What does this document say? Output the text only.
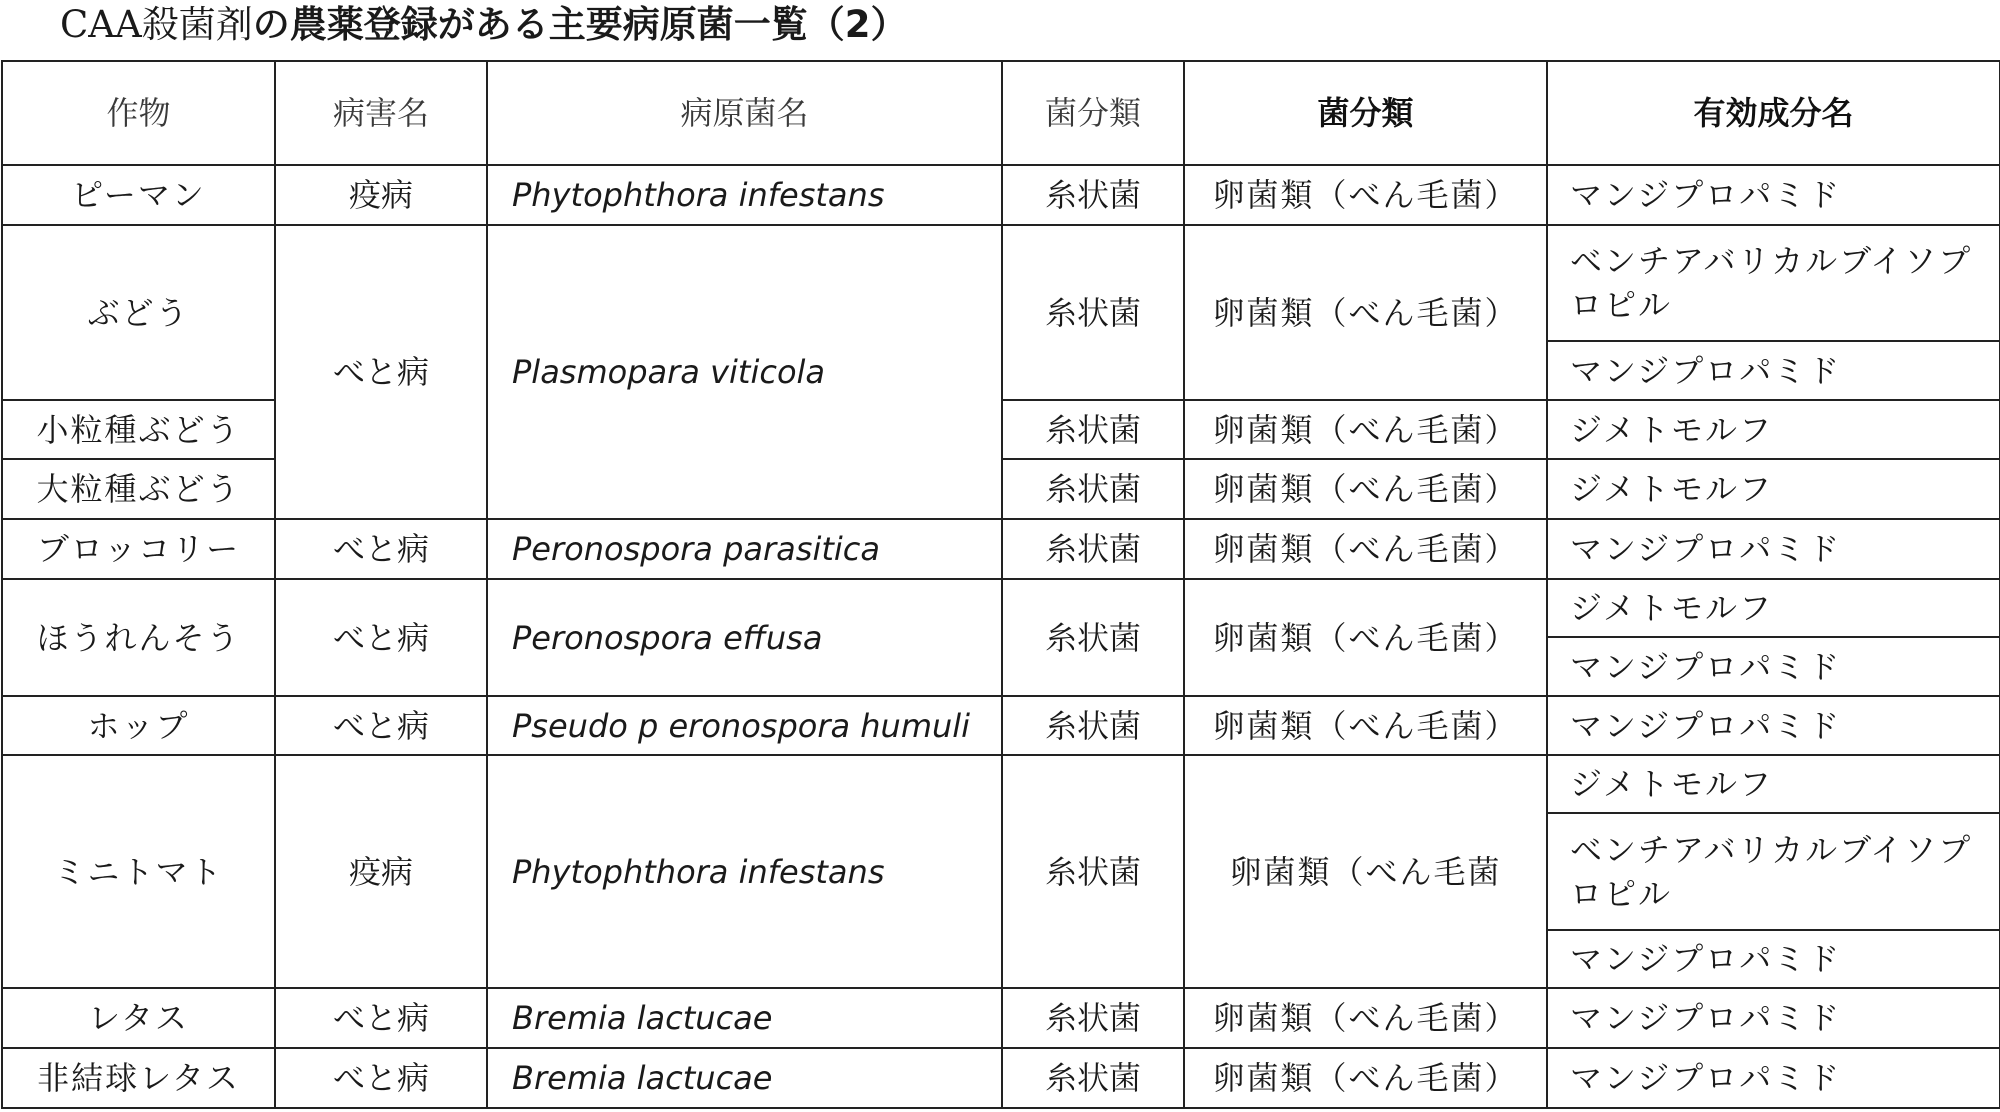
CAA殺菌剤の農薬登録がある主要病原菌一覧（2）
作物	病害名	病原菌名	菌分類	菌分類	有効成分名
ピーマン	疫病	Phytophthora infestans	糸状菌	卵菌類（べん毛菌）	マンジプロパミド
ぶどう	べと病	Plasmopara viticola	糸状菌	卵菌類（べん毛菌）	ベンチアバリカルブイソプロピル
					マンジプロパミド
小粒種ぶどう			糸状菌	卵菌類（べん毛菌）	ジメトモルフ
大粒種ぶどう			糸状菌	卵菌類（べん毛菌）	ジメトモルフ
ブロッコリー	べと病	Peronospora parasitica	糸状菌	卵菌類（べん毛菌）	マンジプロパミド
ほうれんそう	べと病	Peronospora effusa	糸状菌	卵菌類（べん毛菌）	ジメトモルフ
					マンジプロパミド
ホップ	べと病	Pseudo p eronospora humuli	糸状菌	卵菌類（べん毛菌）	マンジプロパミド
ミニトマト	疫病	Phytophthora infestans	糸状菌	卵菌類（べん毛菌	ジメトモルフ
					ベンチアバリカルブイソプロピル
					マンジプロパミド
レタス	べと病	Bremia lactucae	糸状菌	卵菌類（べん毛菌）	マンジプロパミド
非結球レタス	べと病	Bremia lactucae	糸状菌	卵菌類（べん毛菌）	マンジプロパミド
